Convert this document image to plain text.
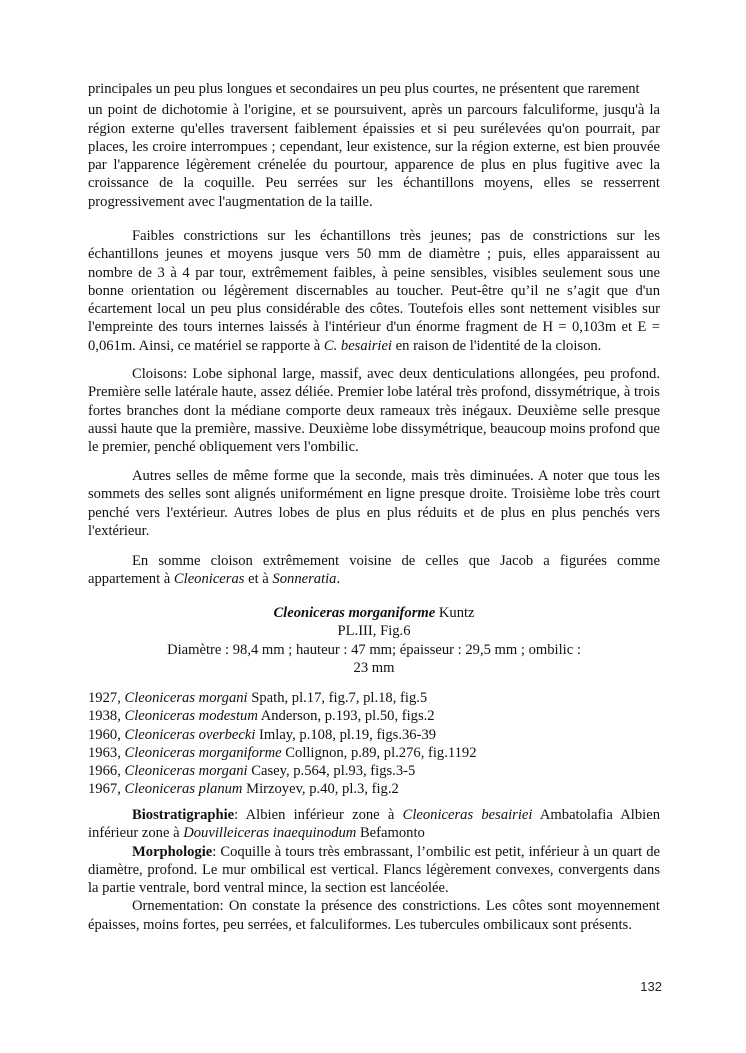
principales un peu plus longues et secondaires un peu plus courtes, ne présentent que rarement

un point de dichotomie à l'origine, et se poursuivent, après un parcours falculiforme, jusqu'à la région externe qu'elles traversent faiblement épaissies et si peu surélevées qu'on pourrait, par places, les croire interrompues ; cependant, leur existence, sur la région externe, est bien prouvée par l'apparence légèrement crénelée du pourtour, apparence de plus en plus fugitive avec la croissance de la coquille. Peu serrées sur les échantillons moyens, elles se resserrent progressivement avec l'augmentation de la taille.

Faibles constrictions sur les échantillons très jeunes; pas de constrictions sur les échantillons jeunes et moyens jusque vers 50 mm de diamètre ; puis, elles apparaissent au nombre de 3 à 4 par tour, extrêmement faibles, à peine sensibles, visibles seulement sous une bonne orientation ou légèrement discernables au toucher. Peut-être qu’il ne s’agit que d'un écartement local un peu plus considérable des côtes. Toutefois elles sont nettement visibles sur l'empreinte des tours internes laissés à l'intérieur d'un énorme fragment de H = 0,103m et E = 0,061m. Ainsi, ce matériel se rapporte à C. besairiei en raison de l'identité de la cloison.

Cloisons: Lobe siphonal large, massif, avec deux denticulations allongées, peu profond. Première selle latérale haute, assez déliée. Premier lobe latéral très profond, dissymétrique, à trois fortes branches dont la médiane comporte deux rameaux très inégaux. Deuxième selle presque aussi haute que la première, massive. Deuxième lobe dissymétrique, beaucoup moins profond que le premier, penché obliquement vers l'ombilic.

Autres selles de même forme que la seconde, mais très diminuées. A noter que tous les sommets des selles sont alignés uniformément en ligne presque droite. Troisième lobe très court penché vers l'extérieur. Autres lobes de plus en plus réduits et de plus en plus penchés vers l'extérieur.

En somme cloison extrêmement voisine de celles que Jacob a figurées comme appartement à Cleoniceras et à Sonneratia.

Cleoniceras morganiforme Kuntz
PL.III, Fig.6
Diamètre : 98,4 mm ; hauteur : 47 mm; épaisseur : 29,5 mm ; ombilic :
23 mm
1927, Cleoniceras morgani Spath, pl.17, fig.7, pl.18, fig.5
1938, Cleoniceras modestum Anderson, p.193, pl.50, figs.2
1960, Cleoniceras overbecki Imlay, p.108, pl.19, figs.36-39
1963, Cleoniceras morganiforme Collignon, p.89, pl.276, fig.1192
1966, Cleoniceras morgani Casey, p.564, pl.93, figs.3-5
1967, Cleoniceras planum Mirzoyev, p.40, pl.3, fig.2

Biostratigraphie: Albien inférieur zone à Cleoniceras besairiei Ambatolafia Albien inférieur zone à Douvilleiceras inaequinodum Befamonto

Morphologie: Coquille à tours très embrassant, l’ombilic est petit, inférieur à un quart de diamètre, profond. Le mur ombilical est vertical. Flancs légèrement convexes, convergents dans la partie ventrale, bord ventral mince, la section est lancéolée.

Ornementation: On constate la présence des constrictions. Les côtes sont moyennement épaisses, moins fortes, peu serrées, et falculiformes. Les tubercules ombilicaux sont présents.

132
